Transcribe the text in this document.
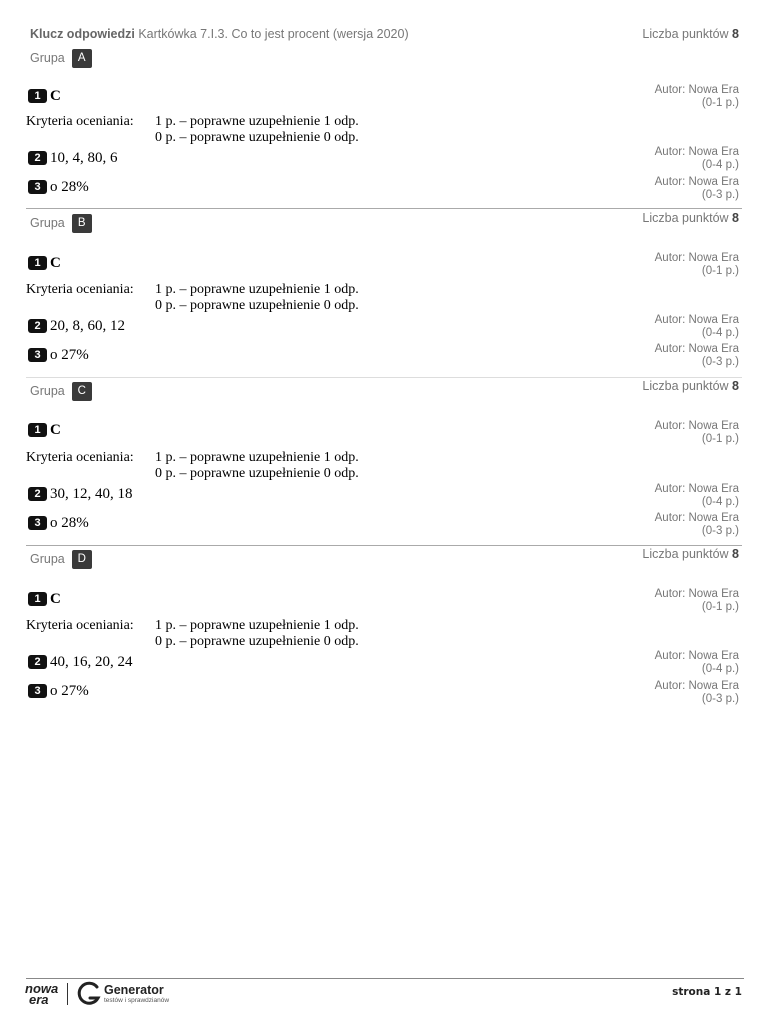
Klucz odpowiedzi Kartkówka 7.I.3. Co to jest procent (wersja 2020)	Liczba punktów 8
Grupa A
1 C	Autor: Nowa Era
(0-1 p.)
Kryteria oceniania: 1 p. – poprawne uzupełnienie 1 odp.
0 p. – poprawne uzupełnienie 0 odp.
2 10, 4, 80, 6	Autor: Nowa Era
(0-4 p.)
3 o 28%	Autor: Nowa Era
(0-3 p.)
Grupa B	Liczba punktów 8
1 C	Autor: Nowa Era
(0-1 p.)
Kryteria oceniania: 1 p. – poprawne uzupełnienie 1 odp.
0 p. – poprawne uzupełnienie 0 odp.
2 20, 8, 60, 12	Autor: Nowa Era
(0-4 p.)
3 o 27%	Autor: Nowa Era
(0-3 p.)
Grupa C	Liczba punktów 8
1 C	Autor: Nowa Era
(0-1 p.)
Kryteria oceniania: 1 p. – poprawne uzupełnienie 1 odp.
0 p. – poprawne uzupełnienie 0 odp.
2 30, 12, 40, 18	Autor: Nowa Era
(0-4 p.)
3 o 28%	Autor: Nowa Era
(0-3 p.)
Grupa D	Liczba punktów 8
1 C	Autor: Nowa Era
(0-1 p.)
Kryteria oceniania: 1 p. – poprawne uzupełnienie 1 odp.
0 p. – poprawne uzupełnienie 0 odp.
2 40, 16, 20, 24	Autor: Nowa Era
(0-4 p.)
3 o 27%	Autor: Nowa Era
(0-3 p.)
nowa
era
Generator
testów i sprawdzianów
strona 1 z 1
